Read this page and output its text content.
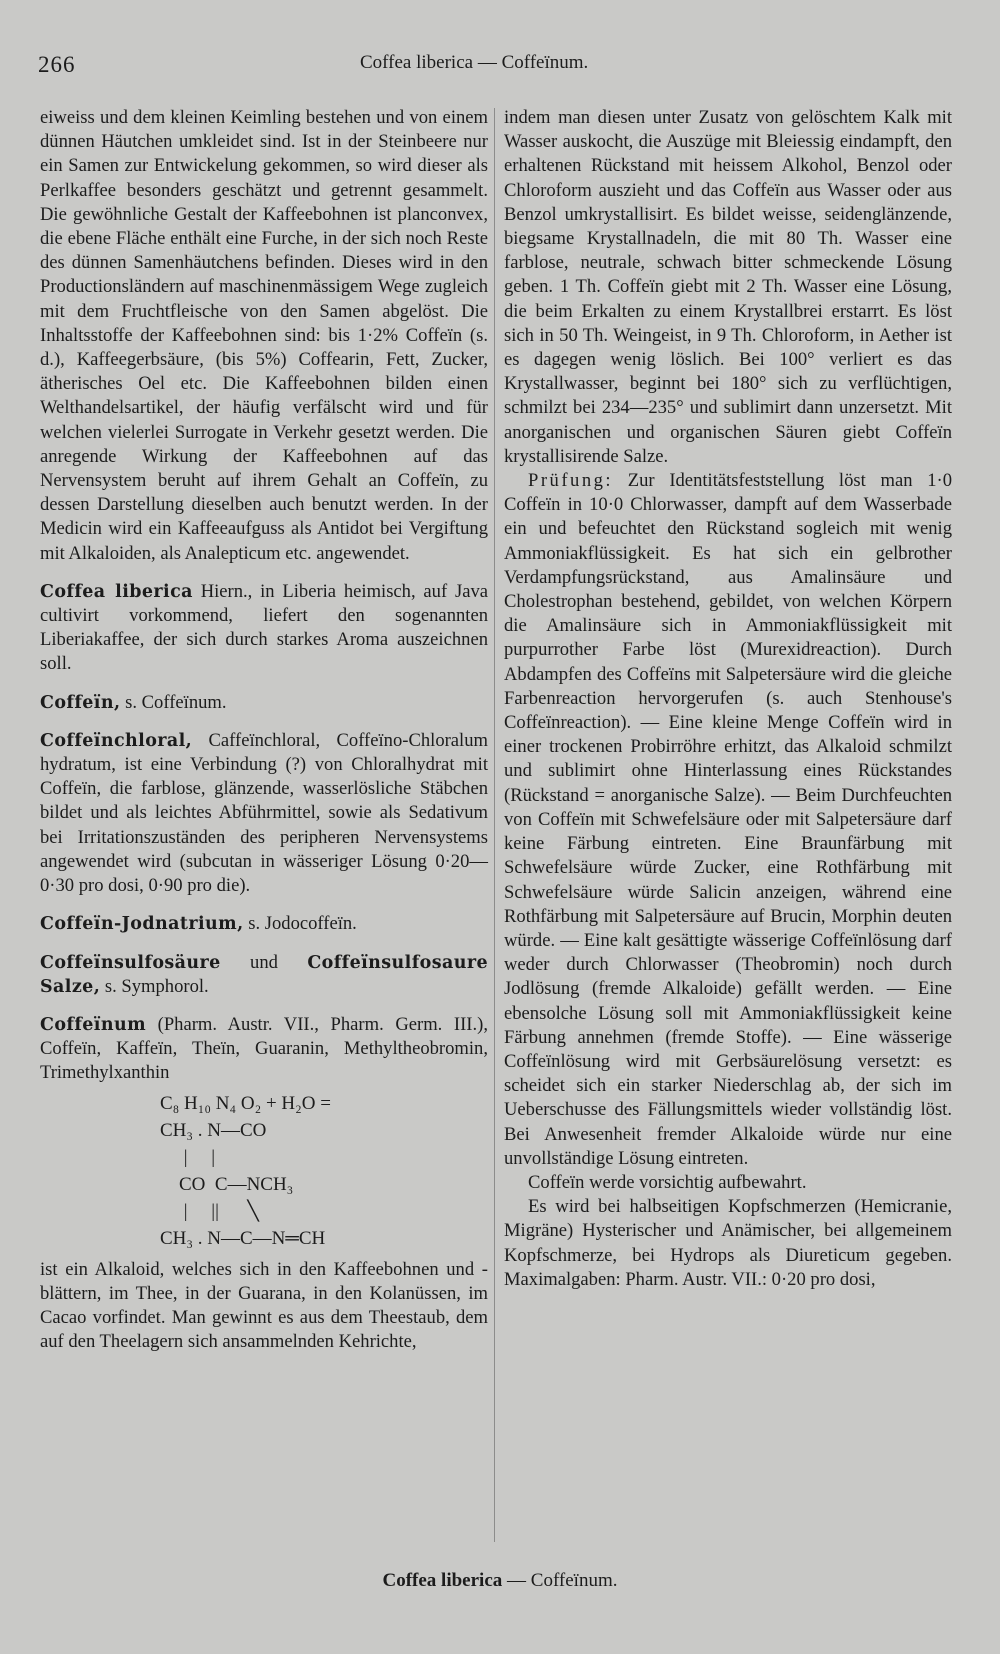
266	Coffea liberica — Coffeïnum.

eiweiss und dem kleinen Keimling bestehen und von einem dünnen Häutchen umkleidet sind. Ist in der Steinbeere nur ein Samen zur Entwickelung gekommen, so wird dieser als Perlkaffee besonders geschätzt und getrennt gesammelt. Die gewöhnliche Gestalt der Kaffeebohnen ist planconvex, die ebene Fläche enthält eine Furche, in der sich noch Reste des dünnen Samenhäutchens befinden. Dieses wird in den Productionsländern auf maschinenmässigem Wege zugleich mit dem Fruchtfleische von den Samen abgelöst. Die Inhaltsstoffe der Kaffeebohnen sind: bis 1·2% Coffeïn (s. d.), Kaffeegerbsäure, (bis 5%) Coffearin, Fett, Zucker, ätherisches Oel etc. Die Kaffeebohnen bilden einen Welthandelsartikel, der häufig verfälscht wird und für welchen vielerlei Surrogate in Verkehr gesetzt werden. Die anregende Wirkung der Kaffeebohnen auf das Nervensystem beruht auf ihrem Gehalt an Coffeïn, zu dessen Darstellung dieselben auch benutzt werden. In der Medicin wird ein Kaffeeaufguss als Antidot bei Vergiftung mit Alkaloiden, als Analepticum etc. angewendet.

Coffea liberica Hiern., in Liberia heimisch, auf Java cultivirt vorkommend, liefert den sogenannten Liberiakaffee, der sich durch starkes Aroma auszeichnen soll.

Coffeïn, s. Coffeïnum.

Coffeïnchloral, Caffeïnchloral, Coffeïno-Chloralum hydratum, ist eine Verbindung (?) von Chloralhydrat mit Coffeïn, die farblose, glänzende, wasserlösliche Stäbchen bildet und als leichtes Abführmittel, sowie als Sedativum bei Irritationszuständen des peripheren Nervensystems angewendet wird (subcutan in wässeriger Lösung 0·20—0·30 pro dosi, 0·90 pro die).

Coffeïn-Jodnatrium, s. Jodocoffeïn.

Coffeïnsulfosäure und Coffeïnsulfosaure Salze, s. Symphorol.

Coffeïnum (Pharm. Austr. VII., Pharm. Germ. III.), Coffeïn, Kaffeïn, Theïn, Guaranin, Methyltheobromin, Trimethylxanthin

C₈ H₁₀ N₄ O₂ + H₂O =
CH₃ . N—CO
|     |
CO  C—NCH₃
|     ||      ╲
CH₃ . N—C—N═CH

ist ein Alkaloid, welches sich in den Kaffeebohnen und -blättern, im Thee, in der Guarana, in den Kolanüssen, im Cacao vorfindet. Man gewinnt es aus dem Theestaub, dem auf den Theelagern sich ansammelnden Kehrichte,

indem man diesen unter Zusatz von gelöschtem Kalk mit Wasser auskocht, die Auszüge mit Bleiessig eindampft, den erhaltenen Rückstand mit heissem Alkohol, Benzol oder Chloroform auszieht und das Coffeïn aus Wasser oder aus Benzol umkrystallisirt. Es bildet weisse, seidenglänzende, biegsame Krystallnadeln, die mit 80 Th. Wasser eine farblose, neutrale, schwach bitter schmeckende Lösung geben. 1 Th. Coffeïn giebt mit 2 Th. Wasser eine Lösung, die beim Erkalten zu einem Krystallbrei erstarrt. Es löst sich in 50 Th. Weingeist, in 9 Th. Chloroform, in Aether ist es dagegen wenig löslich. Bei 100° verliert es das Krystallwasser, beginnt bei 180° sich zu verflüchtigen, schmilzt bei 234—235° und sublimirt dann unzersetzt. Mit anorganischen und organischen Säuren giebt Coffeïn krystallisirende Salze.

Prüfung: Zur Identitätsfeststellung löst man 1·0 Coffeïn in 10·0 Chlorwasser, dampft auf dem Wasserbade ein und befeuchtet den Rückstand sogleich mit wenig Ammoniakflüssigkeit. Es hat sich ein gelbrother Verdampfungsrückstand, aus Amalinsäure und Cholestrophan bestehend, gebildet, von welchen Körpern die Amalinsäure sich in Ammoniakflüssigkeit mit purpurrother Farbe löst (Murexidreaction). Durch Abdampfen des Coffeïns mit Salpetersäure wird die gleiche Farbenreaction hervorgerufen (s. auch Stenhouse's Coffeïnreaction). — Eine kleine Menge Coffeïn wird in einer trockenen Probirröhre erhitzt, das Alkaloid schmilzt und sublimirt ohne Hinterlassung eines Rückstandes (Rückstand = anorganische Salze). — Beim Durchfeuchten von Coffeïn mit Schwefelsäure oder mit Salpetersäure darf keine Färbung eintreten. Eine Braunfärbung mit Schwefelsäure würde Zucker, eine Rothfärbung mit Schwefelsäure würde Salicin anzeigen, während eine Rothfärbung mit Salpetersäure auf Brucin, Morphin deuten würde. — Eine kalt gesättigte wässerige Coffeïnlösung darf weder durch Chlorwasser (Theobromin) noch durch Jodlösung (fremde Alkaloide) gefällt werden. — Eine ebensolche Lösung soll mit Ammoniakflüssigkeit keine Färbung annehmen (fremde Stoffe). — Eine wässerige Coffeïnlösung wird mit Gerbsäurelösung versetzt: es scheidet sich ein starker Niederschlag ab, der sich im Ueberschusse des Fällungsmittels wieder vollständig löst. Bei Anwesenheit fremder Alkaloide würde nur eine unvollständige Lösung eintreten.

Coffeïn werde vorsichtig aufbewahrt.

Es wird bei halbseitigen Kopfschmerzen (Hemicranie, Migräne) Hysterischer und Anämischer, bei allgemeinem Kopfschmerze, bei Hydrops als Diureticum gegeben. Maximalgaben: Pharm. Austr. VII.: 0·20 pro dosi,

Coffea liberica — Coffeïnum.
